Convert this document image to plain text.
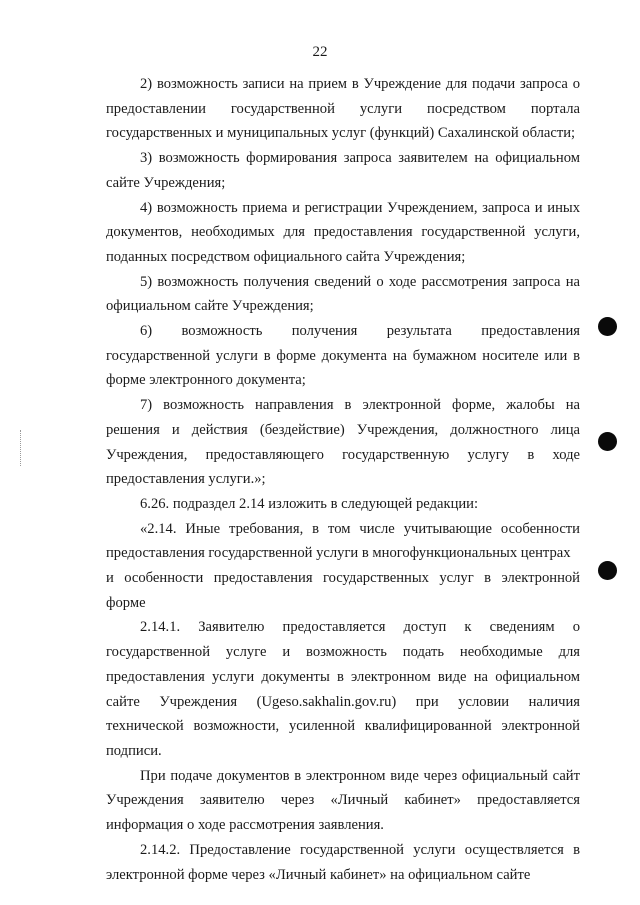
22

2) возможность записи на прием в Учреждение для подачи запроса о предоставлении государственной услуги посредством портала государственных и муниципальных услуг (функций) Сахалинской области;

3) возможность формирования запроса заявителем на официальном сайте Учреждения;

4) возможность приема и регистрации Учреждением, запроса и иных документов, необходимых для предоставления государственной услуги, поданных посредством официального сайта Учреждения;

5) возможность получения сведений о ходе рассмотрения запроса на официальном сайте Учреждения;

6) возможность получения результата предоставления государственной услуги в форме документа на бумажном носителе или в форме электронного документа;

7) возможность направления в электронной форме, жалобы на решения и действия (бездействие) Учреждения, должностного лица Учреждения, предоставляющего государственную услугу в ходе предоставления услуги.»;

6.26. подраздел 2.14 изложить в следующей редакции:

«2.14. Иные требования, в том числе учитывающие особенности предоставления государственной услуги в многофункциональных центрах

и особенности предоставления государственных услуг в электронной форме

2.14.1. Заявителю предоставляется доступ к сведениям о государственной услуге и возможность подать необходимые для предоставления услуги документы в электронном виде на официальном сайте Учреждения (Ugeso.sakhalin.gov.ru) при условии наличия технической возможности, усиленной квалифицированной электронной подписи.

При подаче документов в электронном виде через официальный сайт Учреждения заявителю через «Личный кабинет» предоставляется информация о ходе рассмотрения заявления.

2.14.2. Предоставление государственной услуги осуществляется в электронной форме через «Личный кабинет» на официальном сайте
